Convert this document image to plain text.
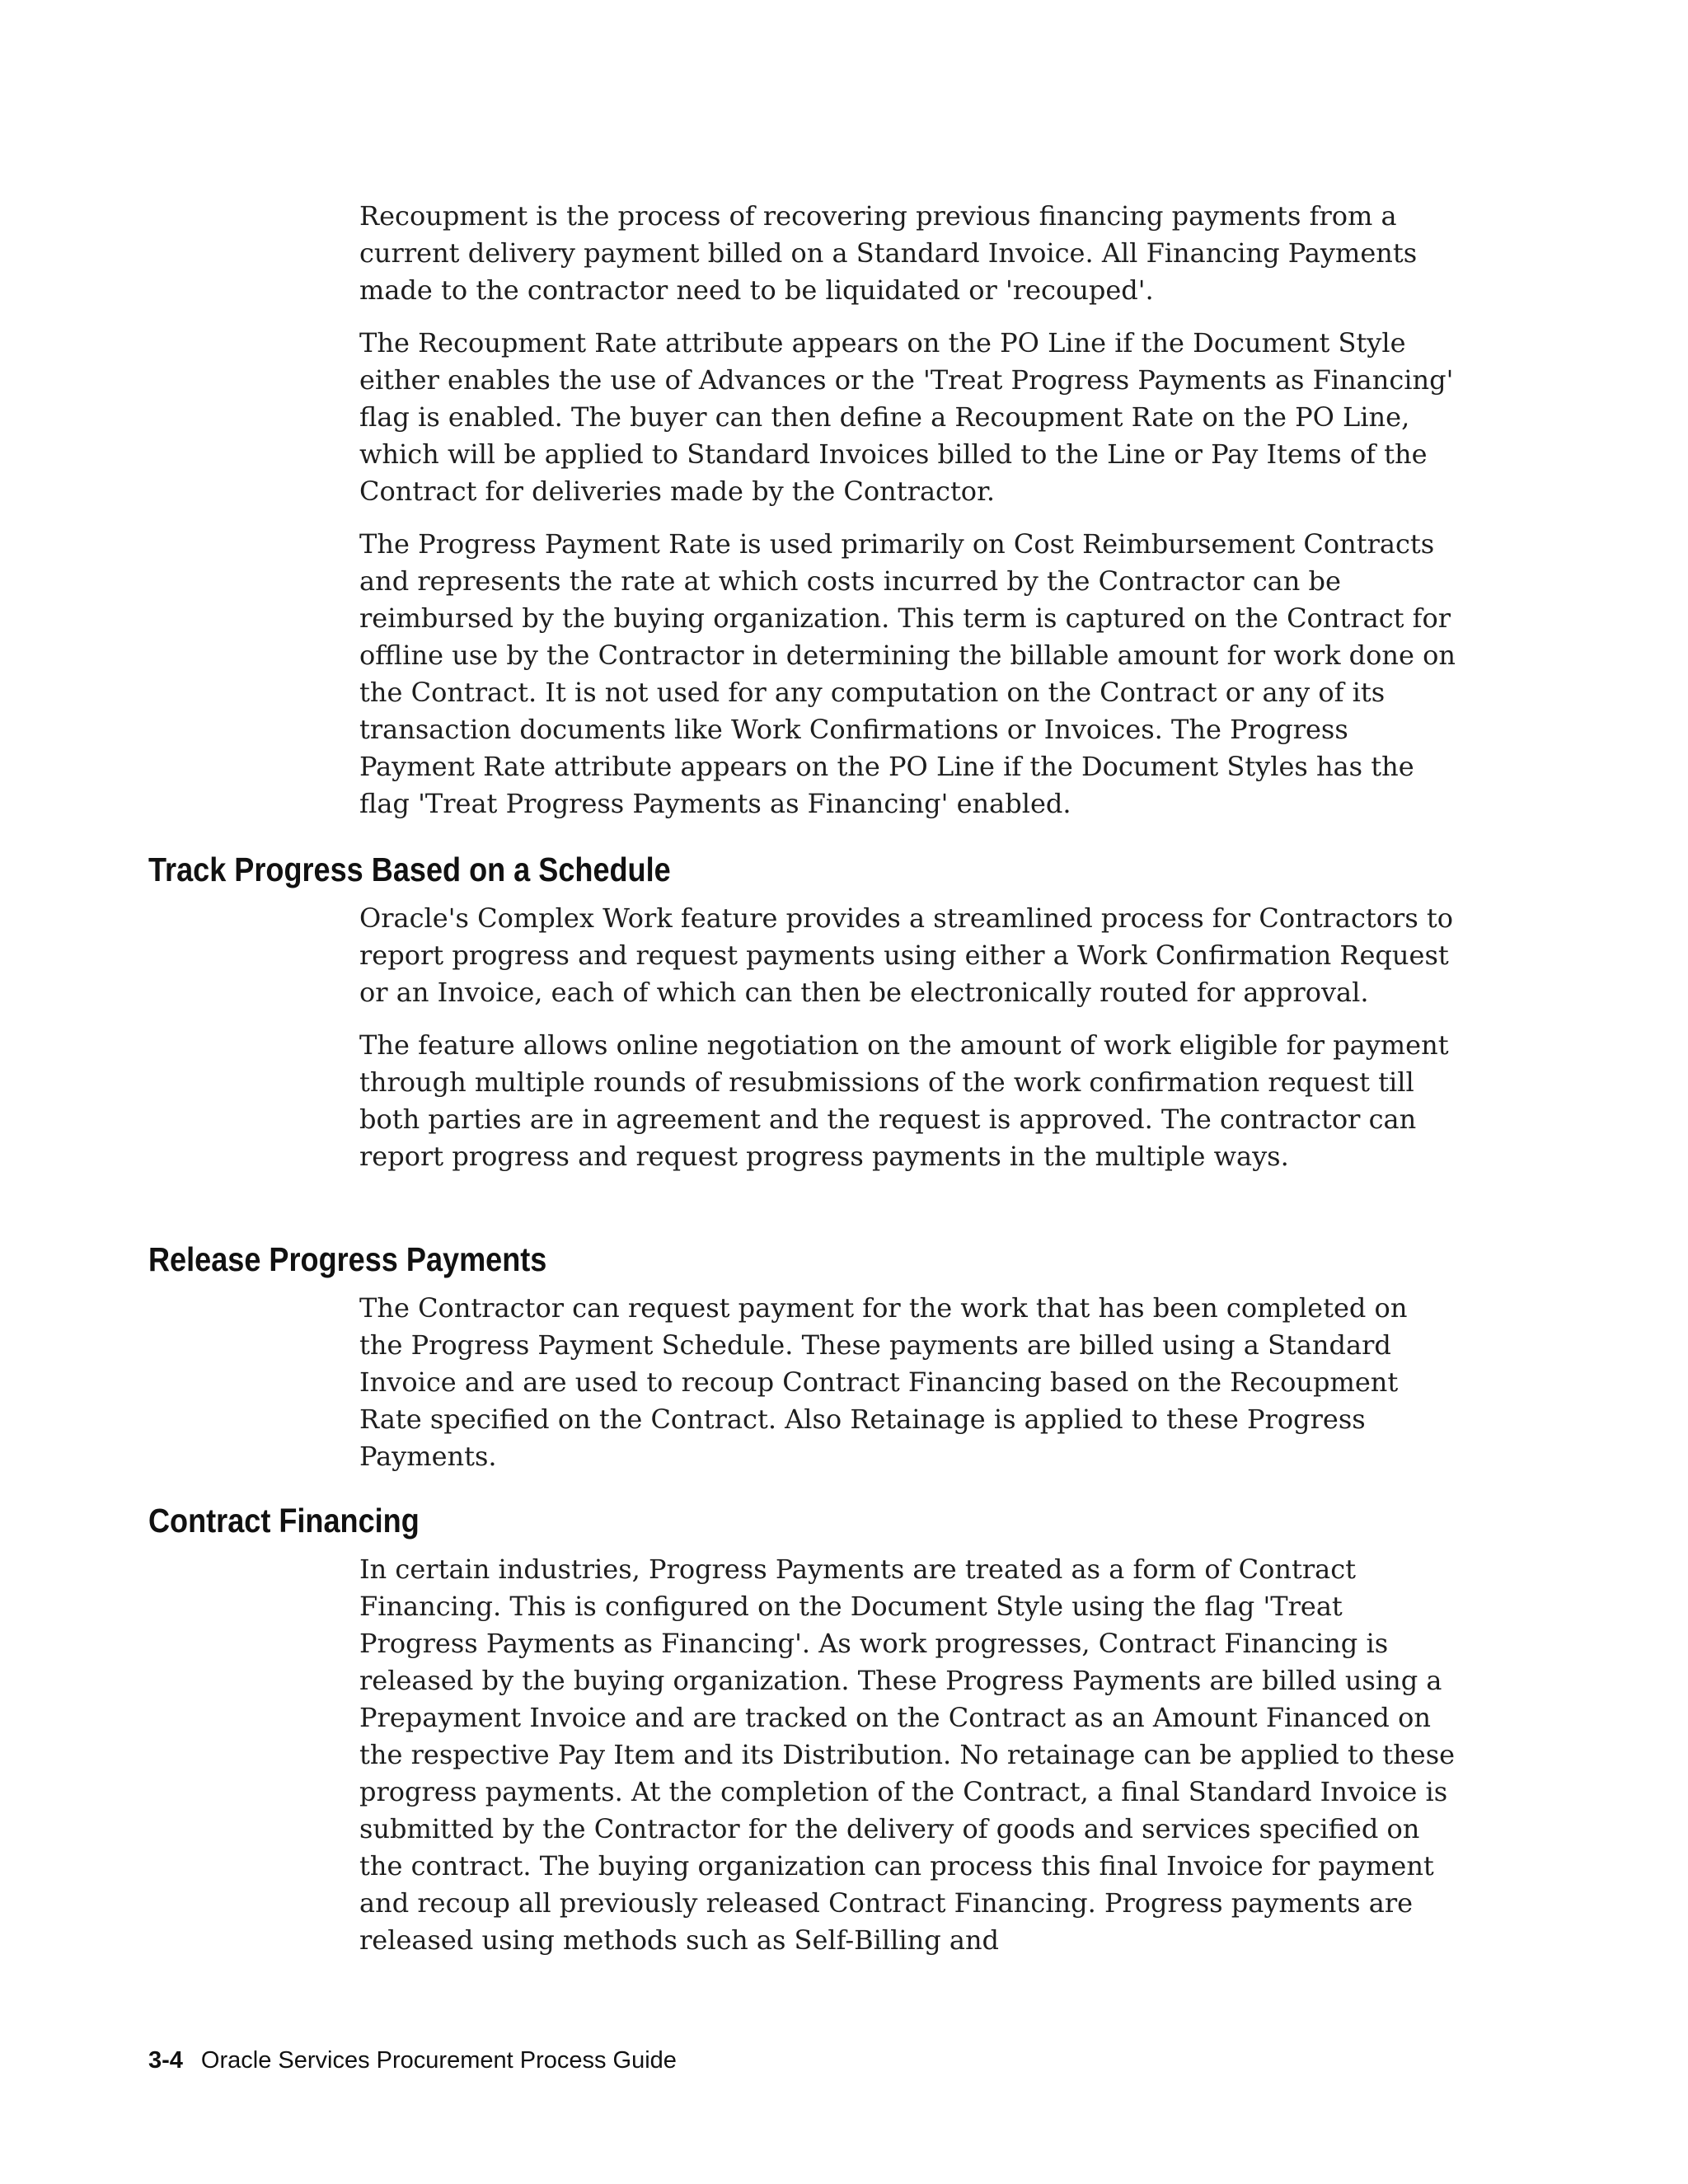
Recoupment is the process of recovering previous financing payments from a current delivery payment billed on a Standard Invoice. All Financing Payments made to the contractor need to be liquidated or 'recouped'.

The Recoupment Rate attribute appears on the PO Line if the Document Style either enables the use of Advances or the 'Treat Progress Payments as Financing' flag is enabled. The buyer can then define a Recoupment Rate on the PO Line, which will be applied to Standard Invoices billed to the Line or Pay Items of the Contract for deliveries made by the Contractor.

The Progress Payment Rate is used primarily on Cost Reimbursement Contracts and represents the rate at which costs incurred by the Contractor can be reimbursed by the buying organization. This term is captured on the Contract for offline use by the Contractor in determining the billable amount for work done on the Contract. It is not used for any computation on the Contract or any of its transaction documents like Work Confirmations or Invoices. The Progress Payment Rate attribute appears on the PO Line if the Document Styles has the flag 'Treat Progress Payments as Financing' enabled.

Track Progress Based on a Schedule

Oracle's Complex Work feature provides a streamlined process for Contractors to report progress and request payments using either a Work Confirmation Request or an Invoice, each of which can then be electronically routed for approval.

The feature allows online negotiation on the amount of work eligible for payment through multiple rounds of resubmissions of the work confirmation request till both parties are in agreement and the request is approved. The contractor can report progress and request progress payments in the multiple ways.

Release Progress Payments

The Contractor can request payment for the work that has been completed on the Progress Payment Schedule. These payments are billed using a Standard Invoice and are used to recoup Contract Financing based on the Recoupment Rate specified on the Contract. Also Retainage is applied to these Progress Payments.

Contract Financing

In certain industries, Progress Payments are treated as a form of Contract Financing. This is configured on the Document Style using the flag 'Treat Progress Payments as Financing'. As work progresses, Contract Financing is released by the buying organization. These Progress Payments are billed using a Prepayment Invoice and are tracked on the Contract as an Amount Financed on the respective Pay Item and its Distribution. No retainage can be applied to these progress payments. At the completion of the Contract, a final Standard Invoice is submitted by the Contractor for the delivery of goods and services specified on the contract. The buying organization can process this final Invoice for payment and recoup all previously released Contract Financing. Progress payments are released using methods such as Self-Billing and

3-4 Oracle Services Procurement Process Guide
